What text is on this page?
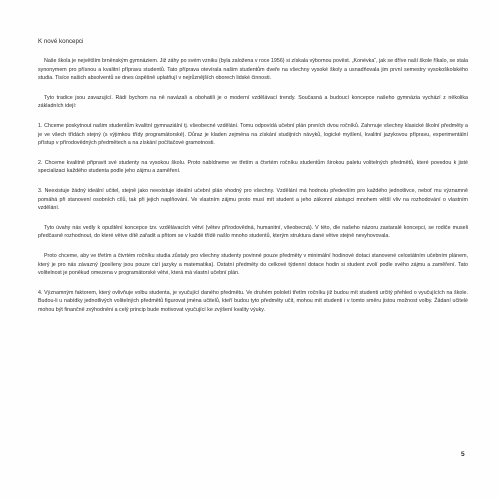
K nové koncepci

Naše škola je největším brněnským gymnáziem. Již záhy po svém vzniku (byla založena v roce 1956) si získala výbornou pověst. „Konévka“, jak se dříve naší škole říkalo, se stala synonymem pro přísnou a kvalitní přípravu studentů. Tato příprava otevírala našim studentům dveře na všechny vysoké školy a usnadňovala jim první semestry vysokoškolského studia. Tisíce našich absolventů se dnes úspěšně uplatňují v nejrůznějších oborech lidské činnosti.

Tyto tradice jsou zavazující. Rádi bychom na ně navázali a obohatili je o moderní vzdělávací trendy. Současná a budoucí koncepce našeho gymnázia vychází z několika základních idejí:

1. Chceme poskytnout našim studentům kvalitní gymnaziální tj. všeobecné vzdělání. Tomu odpovídá učební plán prvních dvou ročníků. Zahrnuje všechny klasické školní předměty a je ve všech třídách stejný (s výjimkou třídy programátorské). Důraz je kladen zejména na získání studijních návyků, logické myšlení, kvalitní jazykovou přípravu, experimentální přístup v přírodovědných předmětech a na získání počítačové gramotnosti.

2. Chceme kvalitně připravit své studenty na vysokou školu. Proto nabídneme ve třetím a čtvrtém ročníku studentům širokou paletu volitelných předmětů, které povedou k jisté specializaci každého studenta podle jeho zájmu a zaměření.

3. Neexistuje žádný ideální učitel, stejně jako neexistuje ideální učební plán vhodný pro všechny. Vzdělání má hodnotu především pro každého jednotlivce, neboť mu významně pomáhá při stanovení osobních cílů, tak při jejich naplňování. Ve vlastním zájmu proto musí mít student a jeho zákonní zástupci mnohem větší vliv na rozhodování o vlastním vzdělání.

Tyto úvahy nás vedly k opuštění koncepce tzv. vzdělávacích větví (větev přírodovědná, humanitní, všeobecná). V této, dle našeho názoru zastaralé koncepci, se rodiče museli předčasně rozhodnout, do které větve dítě zařadit a přitom se v každé třídě našlo mnoho studentů, kterým struktura dané větve stejně nevyhovovala.

Proto chceme, aby ve třetím a čtvrtém ročníku studia zůstaly pro všechny studenty povinné pouze předměty v minimální hodinové dotaci stanovené celostátním učebním plánem, který je pro nás závazný (posíleny jsou pouze cizí jazyky a matematika). Ostatní předměty do celkové týdenní dotace hodin si student zvolí podle svého zájmu a zaměření. Tato volitelnost je poněkud omezena v programátorské větvi, která má vlastní učební plán.

4. Významným faktorem, který ovlivňuje volbu studenta, je vyučující daného předmětu. Ve druhém pololetí třetím ročníku již budou mít studenti určitý přehled o vyučujících na škole. Budou-li u nabídky jednotlivých volitelných předmětů figurovat jména učitelů, kteří budou tyto předměty učit, mohou mít studenti i v tomto směru jistou možnost volby. Žádaní učitelé mohou být finančně zvýhodněni a celý princip bude motivovat vyučující ke zvýšení kvality výuky.

5
